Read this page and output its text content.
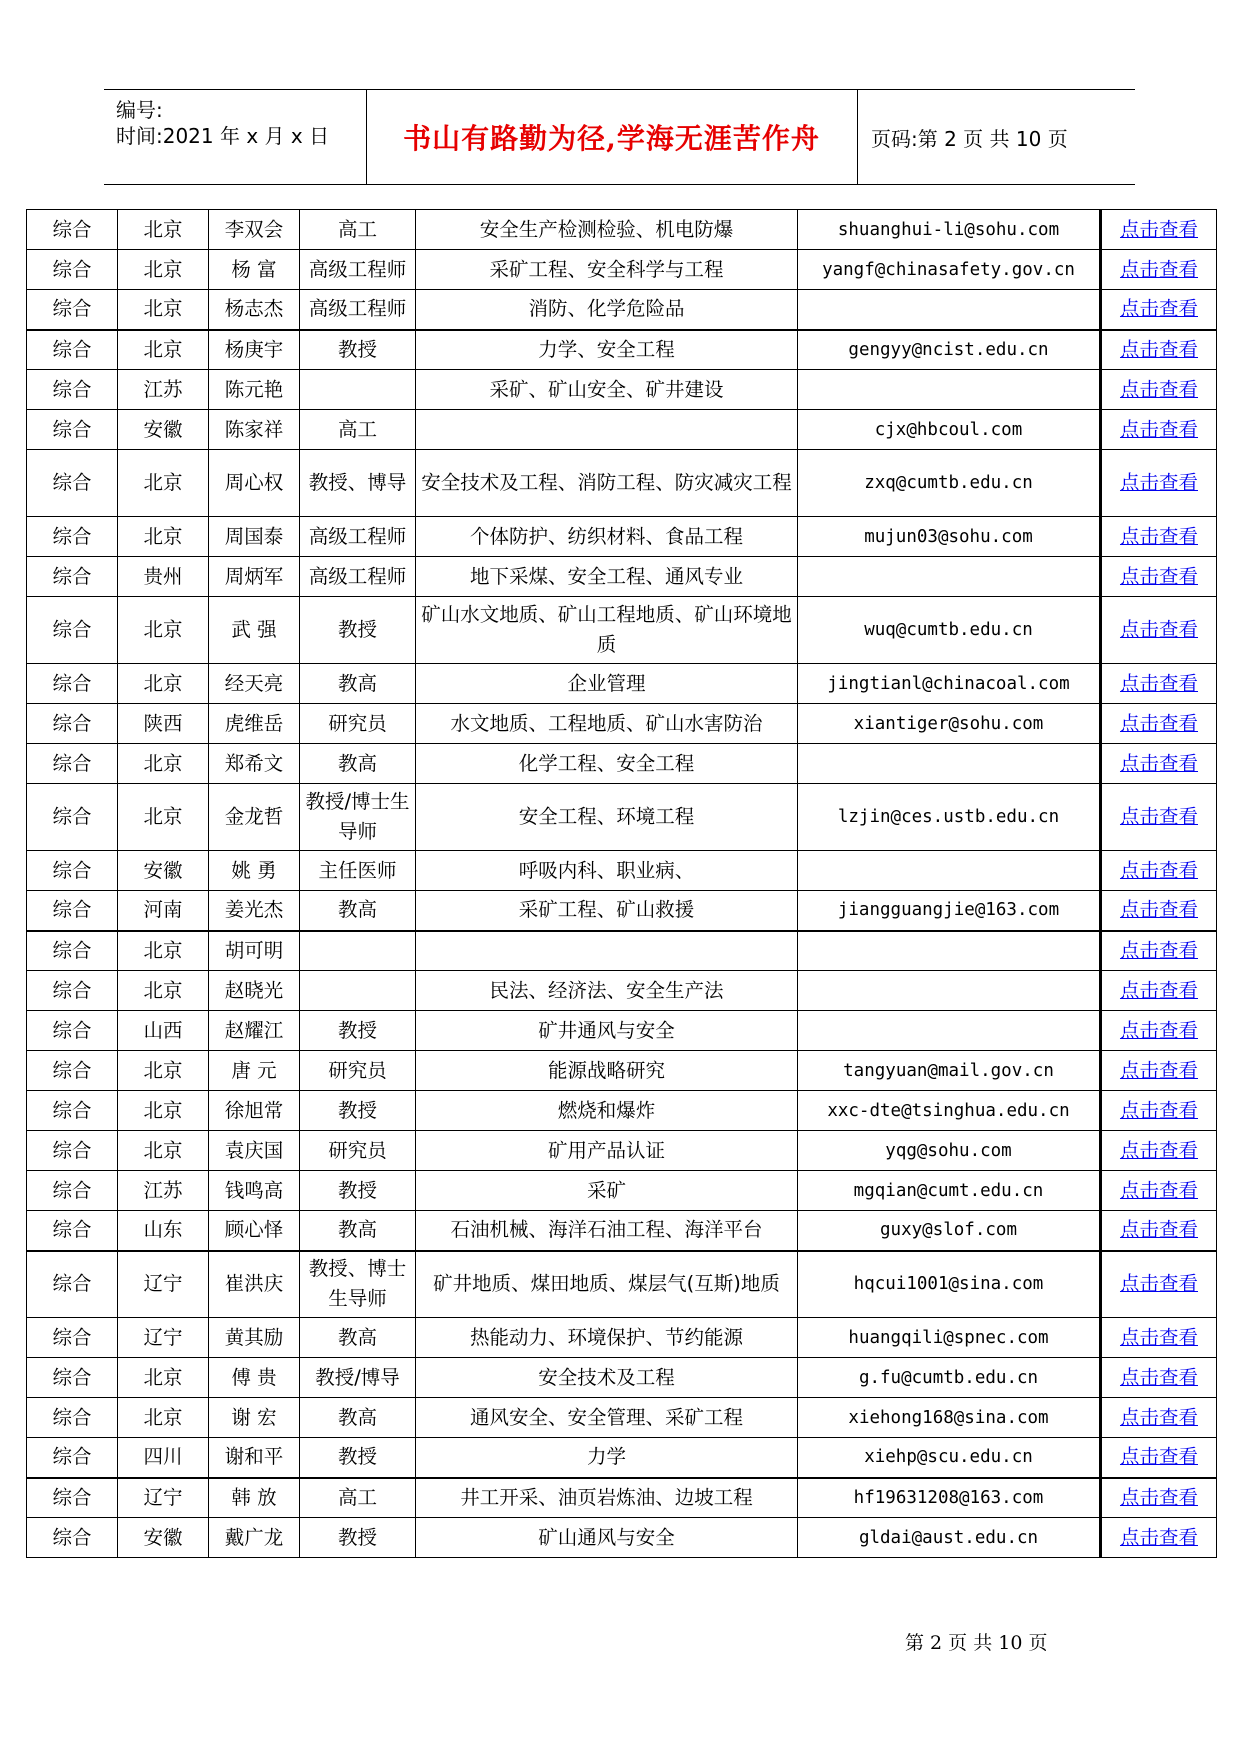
编号:
时间:2021 年 x 月 x 日	书山有路勤为径,学海无涯苦作舟	页码:第 2 页 共 10 页
综合	北京	李双会	高工	安全生产检测检验、机电防爆	shuanghui-li@sohu.com	点击查看
综合	北京	杨 富	高级工程师	采矿工程、安全科学与工程	yangf@chinasafety.gov.cn	点击查看
综合	北京	杨志杰	高级工程师	消防、化学危险品		点击查看
综合	北京	杨庚宇	教授	力学、安全工程	gengyy@ncist.edu.cn	点击查看
综合	江苏	陈元艳		采矿、矿山安全、矿井建设		点击查看
综合	安徽	陈家祥	高工		cjx@hbcoul.com	点击查看
综合	北京	周心权	教授、博导	安全技术及工程、消防工程、防灾减灾工程	zxq@cumtb.edu.cn	点击查看
综合	北京	周国泰	高级工程师	个体防护、纺织材料、食品工程	mujun03@sohu.com	点击查看
综合	贵州	周炳军	高级工程师	地下采煤、安全工程、通风专业		点击查看
综合	北京	武 强	教授	矿山水文地质、矿山工程地质、矿山环境地质	wuq@cumtb.edu.cn	点击查看
综合	北京	经天亮	教高	企业管理	jingtianl@chinacoal.com	点击查看
综合	陕西	虎维岳	研究员	水文地质、工程地质、矿山水害防治	xiantiger@sohu.com	点击查看
综合	北京	郑希文	教高	化学工程、安全工程		点击查看
综合	北京	金龙哲	教授/博士生导师	安全工程、环境工程	lzjin@ces.ustb.edu.cn	点击查看
综合	安徽	姚 勇	主任医师	呼吸内科、职业病、		点击查看
综合	河南	姜光杰	教高	采矿工程、矿山救援	jiangguangjie@163.com	点击查看
综合	北京	胡可明				点击查看
综合	北京	赵晓光		民法、经济法、安全生产法		点击查看
综合	山西	赵耀江	教授	矿井通风与安全		点击查看
综合	北京	唐 元	研究员	能源战略研究	tangyuan@mail.gov.cn	点击查看
综合	北京	徐旭常	教授	燃烧和爆炸	xxc-dte@tsinghua.edu.cn	点击查看
综合	北京	袁庆国	研究员	矿用产品认证	yqg@sohu.com	点击查看
综合	江苏	钱鸣高	教授	采矿	mgqian@cumt.edu.cn	点击查看
综合	山东	顾心怿	教高	石油机械、海洋石油工程、海洋平台	guxy@slof.com	点击查看
综合	辽宁	崔洪庆	教授、博士生导师	矿井地质、煤田地质、煤层气(互斯)地质	hqcui1001@sina.com	点击查看
综合	辽宁	黄其励	教高	热能动力、环境保护、节约能源	huangqili@spnec.com	点击查看
综合	北京	傅 贵	教授/博导	安全技术及工程	g.fu@cumtb.edu.cn	点击查看
综合	北京	谢 宏	教高	通风安全、安全管理、采矿工程	xiehong168@sina.com	点击查看
综合	四川	谢和平	教授	力学	xiehp@scu.edu.cn	点击查看
综合	辽宁	韩 放	高工	井工开采、油页岩炼油、边坡工程	hf19631208@163.com	点击查看
综合	安徽	戴广龙	教授	矿山通风与安全	gldai@aust.edu.cn	点击查看
第 2 页 共 10 页
